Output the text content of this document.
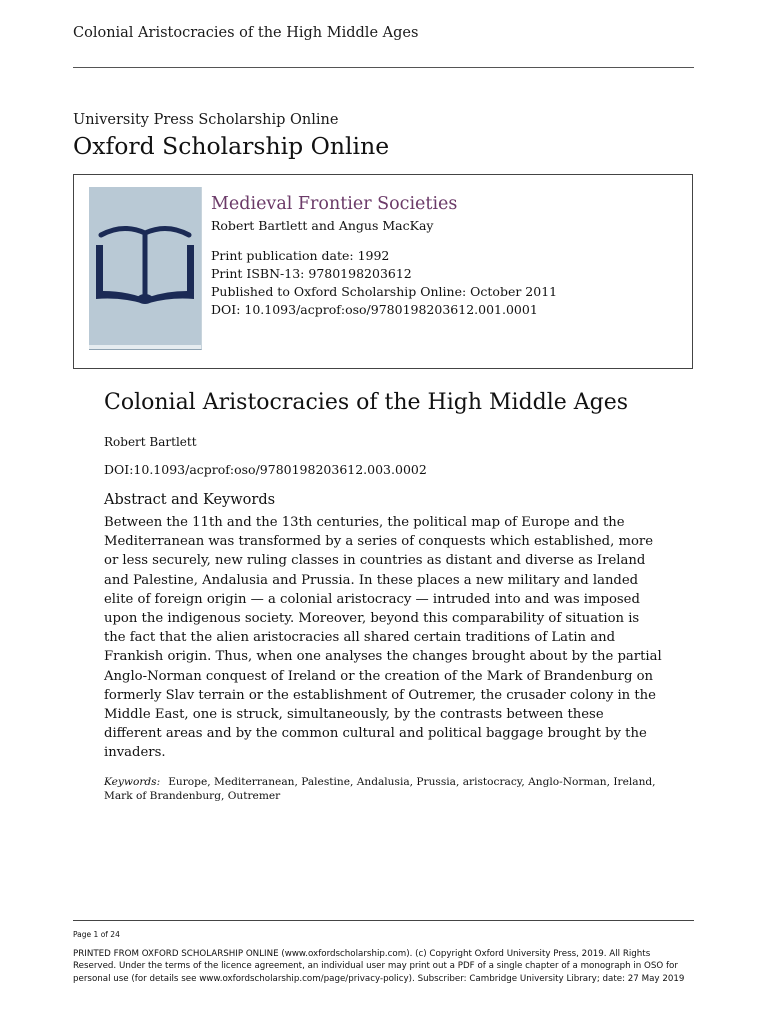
Colonial Aristocracies of the High Middle Ages
University Press Scholarship Online
Oxford Scholarship Online
Medieval Frontier Societies
Robert Bartlett and Angus MacKay
Print publication date: 1992
Print ISBN-13: 9780198203612
Published to Oxford Scholarship Online: October 2011
DOI: 10.1093/acprof:oso/9780198203612.001.0001
Colonial Aristocracies of the High Middle Ages
Robert Bartlett
DOI:10.1093/acprof:oso/9780198203612.003.0002
Abstract and Keywords
Between the 11th and the 13th centuries, the political map of Europe and the Mediterranean was transformed by a series of conquests which established, more or less securely, new ruling classes in countries as distant and diverse as Ireland and Palestine, Andalusia and Prussia. In these places a new military and landed elite of foreign origin — a colonial aristocracy — intruded into and was imposed upon the indigenous society. Moreover, beyond this comparability of situation is the fact that the alien aristocracies all shared certain traditions of Latin and Frankish origin. Thus, when one analyses the changes brought about by the partial Anglo-Norman conquest of Ireland or the creation of the Mark of Brandenburg on formerly Slav terrain or the establishment of Outremer, the crusader colony in the Middle East, one is struck, simultaneously, by the contrasts between these different areas and by the common cultural and political baggage brought by the invaders.
Keywords: Europe, Mediterranean, Palestine, Andalusia, Prussia, aristocracy, Anglo-Norman, Ireland, Mark of Brandenburg, Outremer
Page 1 of 24
PRINTED FROM OXFORD SCHOLARSHIP ONLINE (www.oxfordscholarship.com). (c) Copyright Oxford University Press, 2019. All Rights Reserved. Under the terms of the licence agreement, an individual user may print out a PDF of a single chapter of a monograph in OSO for personal use (for details see www.oxfordscholarship.com/page/privacy-policy). Subscriber: Cambridge University Library; date: 27 May 2019
